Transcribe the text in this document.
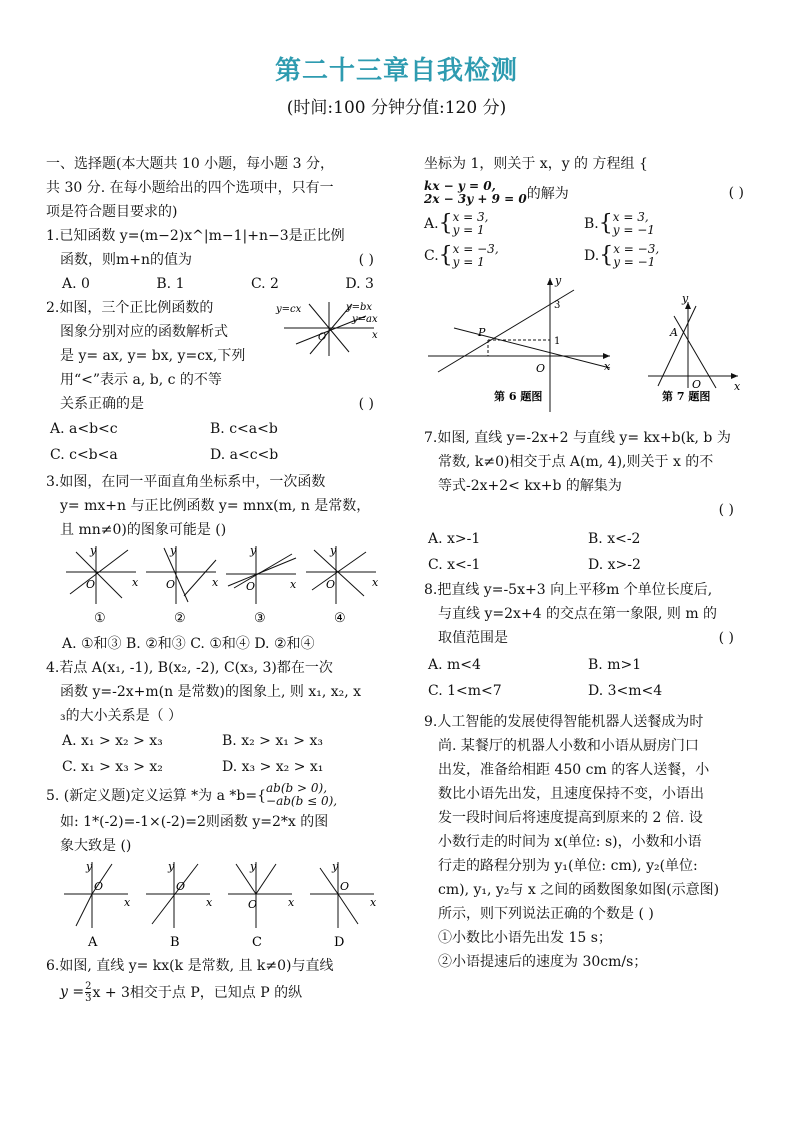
第二十三章自我检测
(时间:100 分钟分值:120 分)
一、选择题(本大题共 10 小题，每小题 3 分，
共 30 分. 在每小题给出的四个选项中，只有一
项是符合题目要求的)
1.已知函数 y=(m−2)x^|m−1|+n−3是正比例
函数，则m+n的值为	( )
A. 0	B. 1	C. 2	D. 3
2.如图，三个正比例函数的
图象分别对应的函数解析式
是 y= ax, y= bx, y=cx,下列
用“<”表示 a, b, c 的不等
关系正确的是	( )
y=cx	y=bx
y=ax
x
O
A. a<b<c	B. c<a<b
C. c<b<a	D. a<c<b
3.如图，在同一平面直角坐标系中，一次函数
y= mx+n 与正比例函数 y= mnx(m, n 是常数，
且 mn≠0)的图象可能是 ()
y
x
O
①
y
x
O
②
y
x
O
③
y
x
O
④
A. ①和③ B. ②和③ C. ①和④ D. ②和④
4.若点 A(x₁, -1), B(x₂, -2), C(x₃, 3)都在一次
函数 y=-2x+m(n 是常数)的图象上, 则 x₁, x₂, x
₃的大小关系是（ ）
A. x₁ > x₂ > x₃	B. x₂ > x₁ > x₃
C. x₁ > x₃ > x₂	D. x₃ > x₂ > x₁
5. (新定义题)定义运算 *为 a *b={ ab(b > 0),
−ab(b ≤ 0),
如: 1*(-2)=-1×(-2)=2则函数 y=2*x 的图
象大致是 ()
y
x
O
A
y
x
O
B
y
x
O
C
y
x
O
D
6.如图, 直线 y= kx(k 是常数, 且 k≠0)与直线
$y = \frac{2}{3}$ x + 3相交于点 P，已知点 P 的纵
坐标为 1，则关于 x，y 的 方程组 {
kx − y = 0,
2x − 3y + 9 = 0 的解为	( )
A. { x = 3,
y = 1	B. { x = 3,
y = −1
C. { x = −3,
y = 1	D. { x = −3,
y = −1
y
x
P
O
3
1
第 6 题图
y
x
A
O
第 7 题图
7.如图, 直线 y=-2x+2 与直线 y= kx+b(k, b 为
常数, k≠0)相交于点 A(m, 4),则关于 x 的不
等式-2x+2< kx+b 的解集为
( )
A. x>-1	B. x<-2
C. x<-1	D. x>-2
8.把直线 y=-5x+3 向上平移m 个单位长度后,
与直线 y=2x+4 的交点在第一象限, 则 m 的
取值范围是	( )
A. m<4	B. m>1
C. 1<m<7	D. 3<m<4
9.人工智能的发展使得智能机器人送餐成为时
尚. 某餐厅的机器人小数和小语从厨房门口
出发，准备给相距 450 cm 的客人送餐，小
数比小语先出发，且速度保持不变，小语出
发一段时间后将速度提高到原来的 2 倍. 设
小数行走的时间为 x(单位: s)，小数和小语
行走的路程分别为 y₁(单位: cm), y₂(单位:
cm), y₁, y₂与 x 之间的函数图象如图(示意图)
所示，则下列说法正确的个数是 ( )
①小数比小语先出发 15 s；
②小语提速后的速度为 30cm/s；
